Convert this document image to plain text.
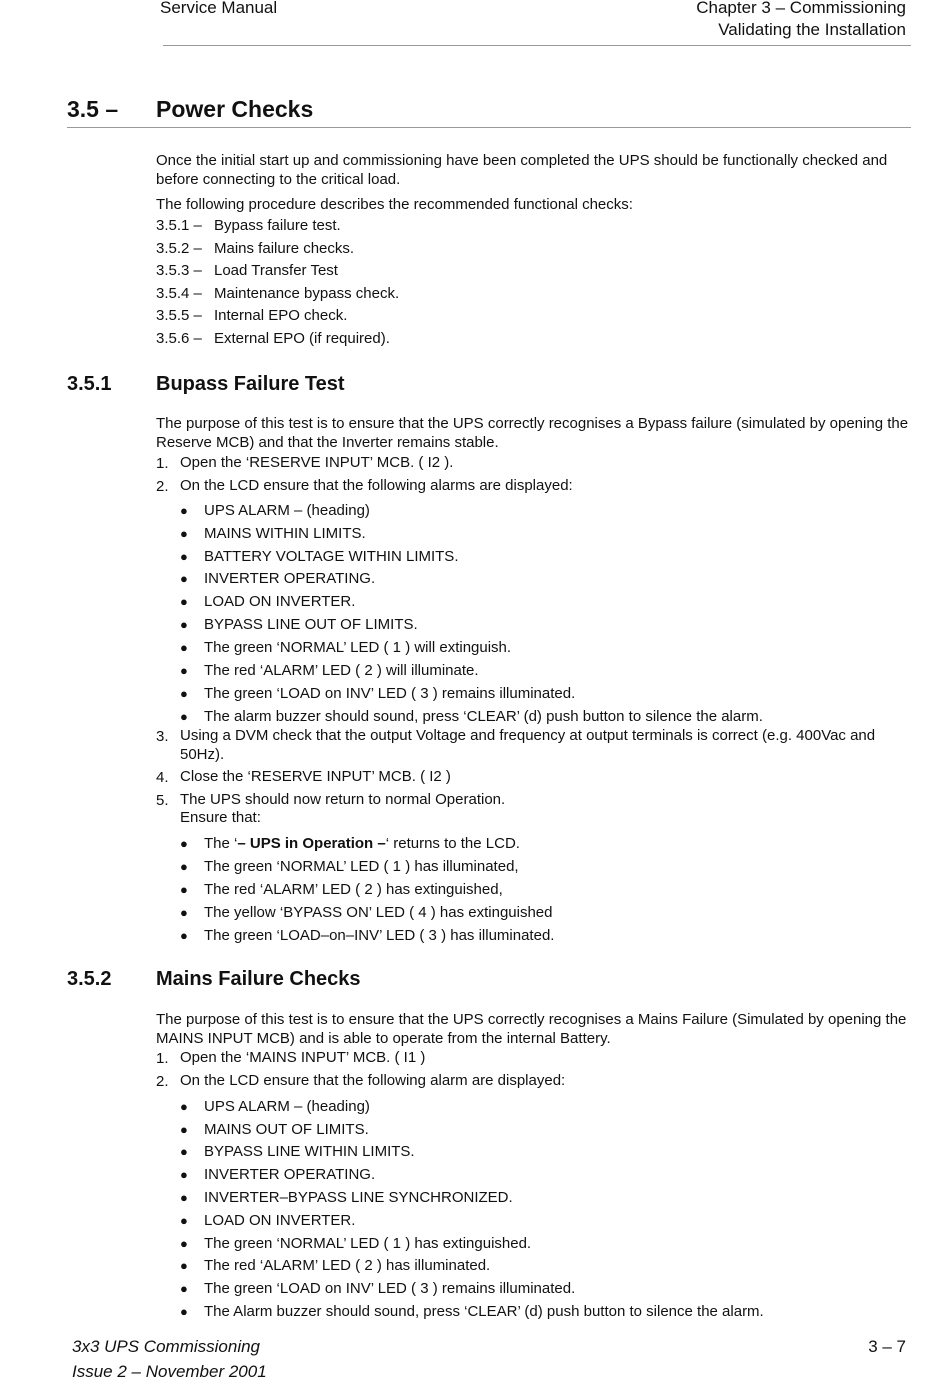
Service Manual	Chapter 3 – Commissioning
Validating the Installation
3.5 – Power Checks
Once the initial start up and commissioning have been completed the UPS should be functionally checked and before connecting to the critical load.
The following procedure describes the recommended functional checks:
3.5.1 – Bypass failure test.
3.5.2 – Mains failure checks.
3.5.3 – Load Transfer Test
3.5.4 – Maintenance bypass check.
3.5.5 – Internal EPO check.
3.5.6 – External EPO (if required).
3.5.1 Bupass Failure Test
The purpose of this test is to ensure that the UPS correctly recognises a Bypass failure (simulated by opening the Reserve MCB) and that the Inverter remains stable.
1. Open the ‘RESERVE INPUT’ MCB. ( I2 ).
2. On the LCD ensure that the following alarms are displayed:
● UPS ALARM – (heading)
● MAINS WITHIN LIMITS.
● BATTERY VOLTAGE WITHIN LIMITS.
● INVERTER OPERATING.
● LOAD ON INVERTER.
● BYPASS LINE OUT OF LIMITS.
● The green ‘NORMAL’ LED ( 1 ) will extinguish.
● The red ‘ALARM’ LED ( 2 ) will illuminate.
● The green ‘LOAD on INV’ LED ( 3 ) remains illuminated.
● The alarm buzzer should sound, press ‘CLEAR’ (d) push button to silence the alarm.
3. Using a DVM check that the output Voltage and frequency at output terminals is correct (e.g. 400Vac and 50Hz).
4. Close the ‘RESERVE INPUT’ MCB. ( I2 )
5. The UPS should now return to normal Operation.
Ensure that:
● The ‘– UPS in Operation –‘ returns to the LCD.
● The green ‘NORMAL’ LED ( 1 ) has illuminated,
● The red ‘ALARM’ LED ( 2 ) has extinguished,
● The yellow ‘BYPASS ON’ LED ( 4 ) has extinguished
● The green ‘LOAD–on–INV’ LED ( 3 ) has illuminated.
3.5.2 Mains Failure Checks
The purpose of this test is to ensure that the UPS correctly recognises a Mains Failure (Simulated by opening the MAINS INPUT MCB) and is able to operate from the internal Battery.
1. Open the ‘MAINS INPUT’ MCB. ( I1 )
2. On the LCD ensure that the following alarm are displayed:
● UPS ALARM – (heading)
● MAINS OUT OF LIMITS.
● BYPASS LINE WITHIN LIMITS.
● INVERTER OPERATING.
● INVERTER–BYPASS LINE SYNCHRONIZED.
● LOAD ON INVERTER.
● The green ‘NORMAL’ LED ( 1 ) has extinguished.
● The red ‘ALARM’ LED ( 2 ) has illuminated.
● The green ‘LOAD on INV’ LED ( 3 ) remains illuminated.
● The Alarm buzzer should sound, press ‘CLEAR’ (d) push button to silence the alarm.
3x3 UPS Commissioning
Issue 2 – November 2001
3 – 7
